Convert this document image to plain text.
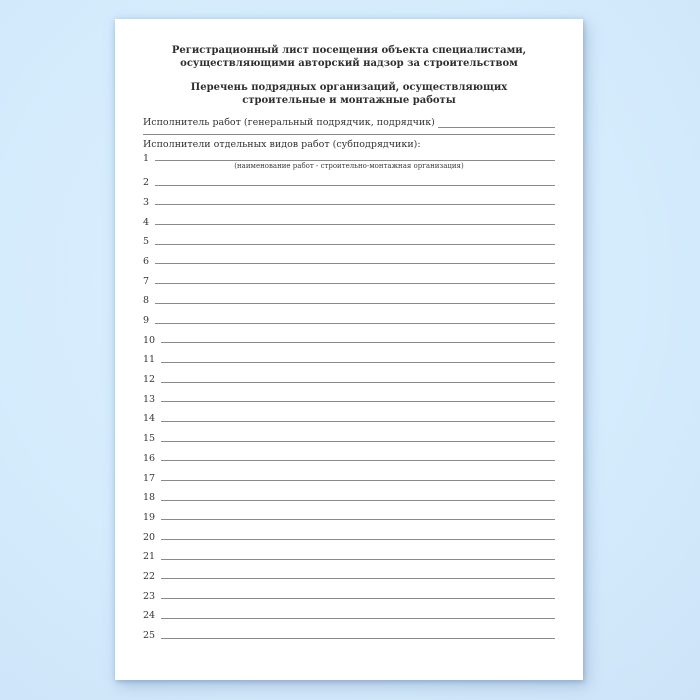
Регистрационный лист посещения объекта специалистами,
осуществляющими авторский надзор за строительством
Перечень подрядных организаций, осуществляющих
строительные и монтажные работы
Исполнитель работ (генеральный подрядчик, подрядчик)
Исполнители отдельных видов работ (субподрядчики):
1
(наименование работ - строительно-монтажная организация)
2
3
4
5
6
7
8
9
10
11
12
13
14
15
16
17
18
19
20
21
22
23
24
25
